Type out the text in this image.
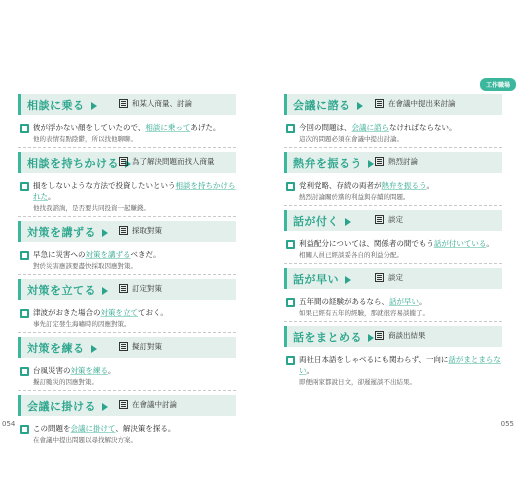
相談に乗る	和某人商量、討論
彼が浮かない顔をしていたので、相談に乗ってあげた。
他的表情有點陰鬱，所以找他聊聊。
相談を持ちかける	為了解決問題而找人商量
損をしないような方法で投資したいという相談を持ちかけられた。
他找我諮詢，是否要共同投資一起賺錢。
対策を講ずる	採取對策
早急に災害への対策を講ずるべきだ。
對於災害應該要盡快採取因應對策。
対策を立てる	訂定對策
津波がおきた場合の対策を立てておく。
事先訂定發生海嘯時的因應對策。
対策を練る	擬訂對策
台風災害の対策を練る。
擬訂颱災的因應對策。
会議に掛ける	在會議中討論
この問題を会議に掛けて、解決策を探る。
在會議中提出問題以尋找解決方案。
054
工作職場
会議に諮る	在會議中提出來討論
今回の問題は、会議に諮らなければならない。
這次的問題必須在會議中提出討論。
熱弁を振るう	熱烈討論
党利党略、存続の両者が熱弁を振るう。
熱烈討論關於黨的利益與存續的問題。
話が付く	談定
利益配分については、関係者の間でもう話が付いている。
相關人員已經談妥各自的利益分配。
話が早い	談定
五年間の経験があるなら、話が早い。
如果已經有五年的經驗，那就很容易談攏了。
話をまとめる	商談出結果
両社日本語をしゃべるにも関わらず、一向に話がまとまらない。
即便兩家都說日文，卻遲遲談不出結果。
055
